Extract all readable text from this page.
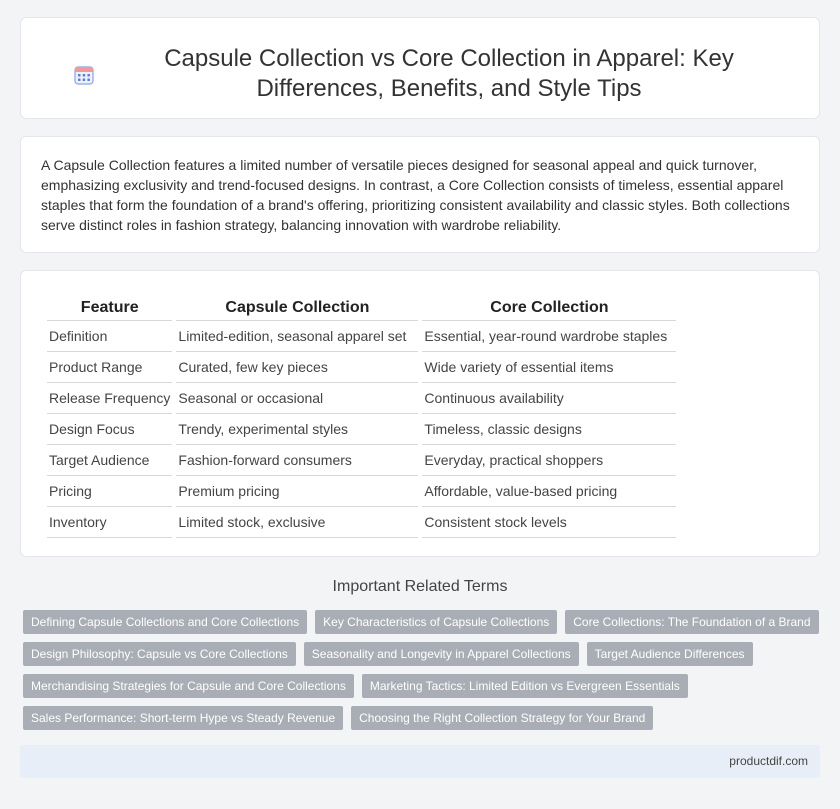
Capsule Collection vs Core Collection in Apparel: Key Differences, Benefits, and Style Tips

A Capsule Collection features a limited number of versatile pieces designed for seasonal appeal and quick turnover, emphasizing exclusivity and trend-focused designs. In contrast, a Core Collection consists of timeless, essential apparel staples that form the foundation of a brand's offering, prioritizing consistent availability and classic styles. Both collections serve distinct roles in fashion strategy, balancing innovation with wardrobe reliability.

Feature	Capsule Collection	Core Collection
Definition	Limited-edition, seasonal apparel set	Essential, year-round wardrobe staples
Product Range	Curated, few key pieces	Wide variety of essential items
Release Frequency	Seasonal or occasional	Continuous availability
Design Focus	Trendy, experimental styles	Timeless, classic designs
Target Audience	Fashion-forward consumers	Everyday, practical shoppers
Pricing	Premium pricing	Affordable, value-based pricing
Inventory	Limited stock, exclusive	Consistent stock levels
Important Related Terms
Defining Capsule Collections and Core Collections	Key Characteristics of Capsule Collections	Core Collections: The Foundation of a Brand
Design Philosophy: Capsule vs Core Collections	Seasonality and Longevity in Apparel Collections	Target Audience Differences
Merchandising Strategies for Capsule and Core Collections	Marketing Tactics: Limited Edition vs Evergreen Essentials
Sales Performance: Short-term Hype vs Steady Revenue	Choosing the Right Collection Strategy for Your Brand
productdif.com
